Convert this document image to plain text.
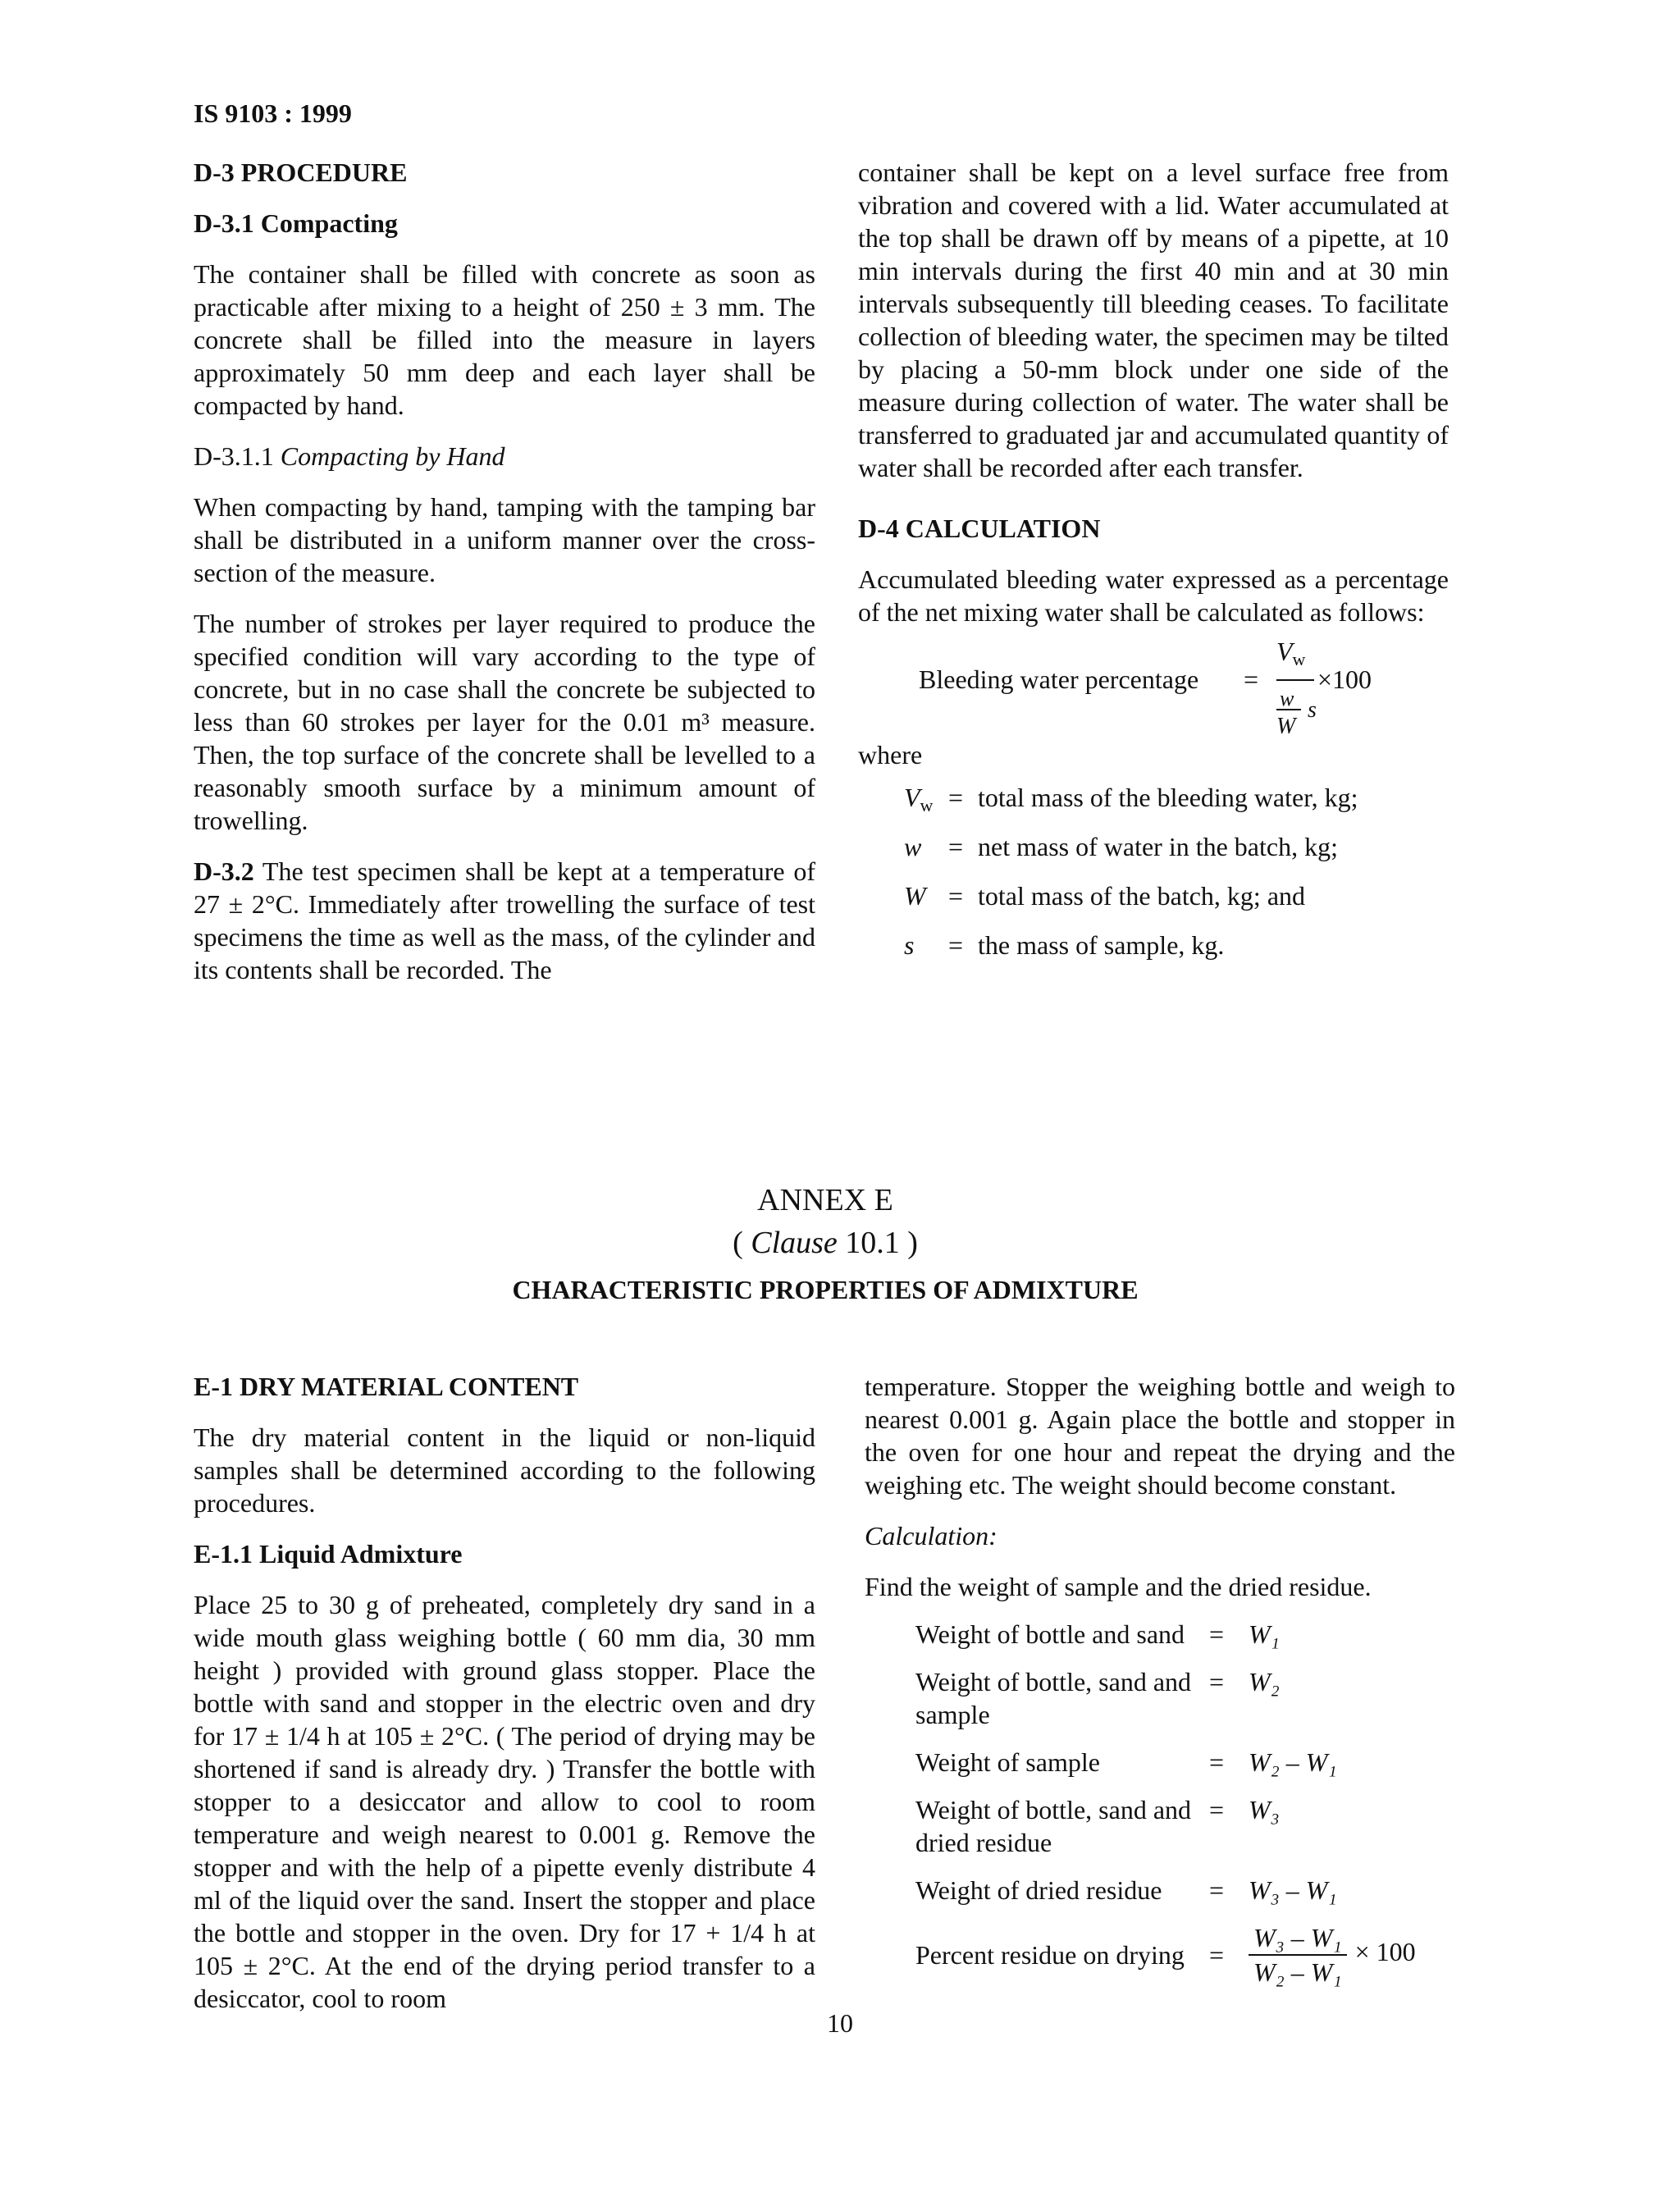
IS 9103 : 1999

D-3 PROCEDURE
D-3.1 Compacting

The container shall be filled with concrete as soon as practicable after mixing to a height of 250 ± 3 mm. The concrete shall be filled into the measure in layers approximately 50 mm deep and each layer shall be compacted by hand.

D-3.1.1 Compacting by Hand

When compacting by hand, tamping with the tamping bar shall be distributed in a uniform manner over the cross-section of the measure.

The number of strokes per layer required to produce the specified condition will vary according to the type of concrete, but in no case shall the concrete be subjected to less than 60 strokes per layer for the 0.01 m³ measure. Then, the top surface of the concrete shall be levelled to a reasonably smooth surface by a minimum amount of trowelling.

D-3.2 The test specimen shall be kept at a temperature of 27 ± 2°C. Immediately after trowelling the surface of test specimens the time as well as the mass, of the cylinder and its contents shall be recorded. The

container shall be kept on a level surface free from vibration and covered with a lid. Water accumulated at the top shall be drawn off by means of a pipette, at 10 min intervals during the first 40 min and at 30 min intervals subsequently till bleeding ceases. To facilitate collection of bleeding water, the specimen may be tilted by placing a 50-mm block under one side of the measure during collection of water. The water shall be transferred to graduated jar and accumulated quantity of water shall be recorded after each transfer.

D-4 CALCULATION

Accumulated bleeding water expressed as a percentage of the net mixing water shall be calculated as follows:

Bleeding water percentage =
$V_w$
×100
w s
W

where

$V_w$ = total mass of the bleeding water, kg;
w	= net mass of water in the batch, kg;
W = total mass of the batch, kg; and
s	= the mass of sample, kg.

ANNEX E

( Clause 10.1 )

CHARACTERISTIC PROPERTIES OF ADMIXTURE

E-1 DRY MATERIAL CONTENT

The dry material content in the liquid or non-liquid samples shall be determined according to the following procedures.

E-1.1 Liquid Admixture

Place 25 to 30 g of preheated, completely dry sand in a wide mouth glass weighing bottle ( 60 mm dia, 30 mm height ) provided with ground glass stopper. Place the bottle with sand and stopper in the electric oven and dry for 17 ± 1/4 h at 105 ± 2°C. ( The period of drying may be shortened if sand is already dry. ) Transfer the bottle with stopper to a desiccator and allow to cool to room temperature and weigh nearest to 0.001 g. Remove the stopper and with the help of a pipette evenly distribute 4 ml of the liquid over the sand. Insert the stopper and place the bottle and stopper in the oven. Dry for 17 + 1/4 h at 105 ± 2°C. At the end of the drying period transfer to a desiccator, cool to room

temperature. Stopper the weighing bottle and weigh to nearest 0.001 g. Again place the bottle and stopper in the oven for one hour and repeat the drying and the weighing etc. The weight should become constant.

Calculation:

Find the weight of sample and the dried residue.

Weight of bottle and sand = W₁
Weight of bottle, sand and sample
= W₂
Weight of sample	= W₂ – W₁
Weight of bottle, sand and dried residue
= W₃
Weight of dried residue	= W₃ – W₁
Percent residue on drying = $\frac{\text{W₃ – W₁}}{\text{W₂ – W₁}} \times 100$

10
